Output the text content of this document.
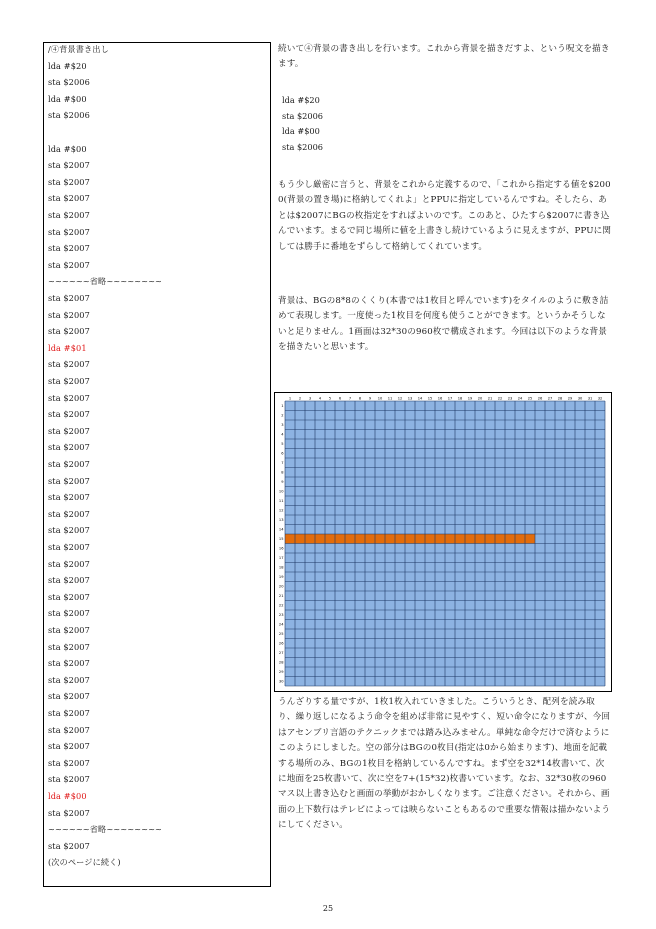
/④背景書き出し
lda #$20
sta $2006
lda #$00
sta $2006
lda #$00
sta $2007
sta $2007
sta $2007
sta $2007
sta $2007
sta $2007
sta $2007
~~~~~~省略~~~~~~~~
sta $2007
sta $2007
sta $2007
lda #$01
sta $2007
sta $2007
sta $2007
sta $2007
sta $2007
sta $2007
sta $2007
sta $2007
sta $2007
sta $2007
sta $2007
sta $2007
sta $2007
sta $2007
sta $2007
sta $2007
sta $2007
sta $2007
sta $2007
sta $2007
sta $2007
sta $2007
sta $2007
sta $2007
sta $2007
sta $2007
lda #$00
sta $2007
~~~~~~省略~~~~~~~~
sta $2007
(次のページに続く)

続いて④背景の書き出しを行います。これから背景を描きだすよ、という呪文を描きます。

lda #$20
sta $2006
lda #$00
sta $2006

もう少し厳密に言うと、背景をこれから定義するので、「これから指定する値を$2000(背景の置き場)に格納してくれよ」とPPUに指定しているんですね。そしたら、あとは$2007にBGの枚指定をすればよいのです。このあと、ひたすら$2007に書き込んでいます。まるで同じ場所に値を上書きし続けているように見えますが、PPUに関しては勝手に番地をずらして格納してくれています。

背景は、BGの8*8のくくり(本書では1枚目と呼んでいます)をタイルのように敷き詰めて表現します。一度使った1枚目を何度も使うことができます。というかそうしないと足りません。1画面は32*30の960枚で構成されます。今回は以下のような背景を描きたいと思います。

1 2 3 4 5 6 7 8 9 10 11 12 13 14 15 16 17 18 19 20 21 22 23 24 25 26 27 28 29 30 31 32
1
2
3
4
5
6
7
8
9
10
11
12
13
14
15
16
17
18
19
20
21
22
23
24
25
26
27
28
29
30

うんざりする量ですが、1枚1枚入れていきました。こういうとき、配列を読み取り、繰り返しになるよう命令を組めば非常に見やすく、短い命令になりますが、今回はアセンブリ言語のテクニックまでは踏み込みません。単純な命令だけで済むようにこのようにしました。空の部分はBGの0枚目(指定は0から始まります)、地面を記載する場所のみ、BGの1枚目を格納しているんですね。まず空を32*14枚書いて、次に地面を25枚書いて、次に空を7+(15*32)枚書いています。なお、32*30枚の960マス以上書き込むと画面の挙動がおかしくなります。ご注意ください。それから、画面の上下数行はテレビによっては映らないこともあるので重要な情報は描かないようにしてください。

25
